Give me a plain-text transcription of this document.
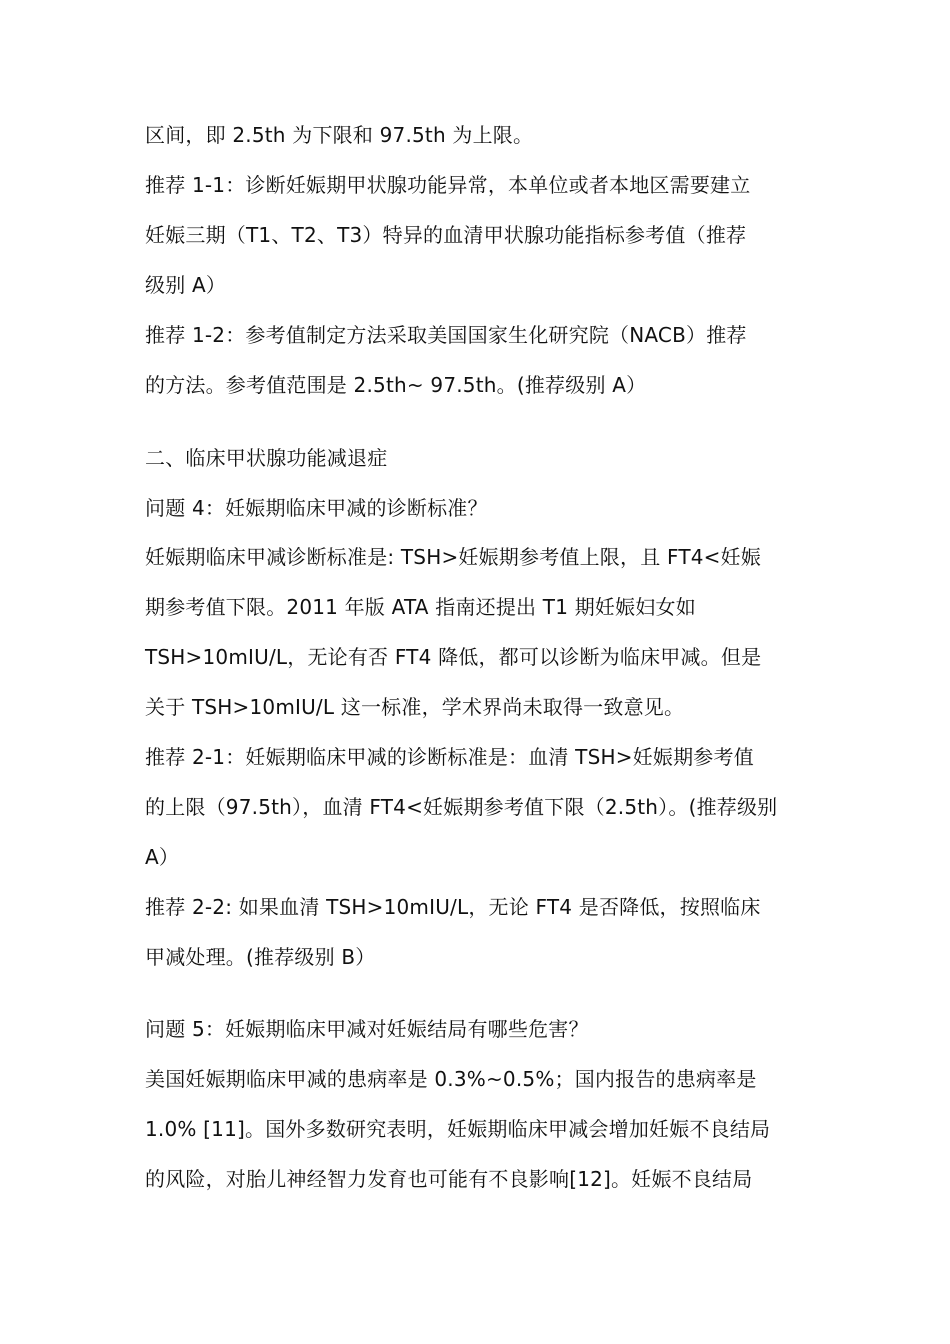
区间，即 2.5th 为下限和 97.5th 为上限。
推荐 1-1：诊断妊娠期甲状腺功能异常，本单位或者本地区需要建立
妊娠三期（T1、T2、T3）特异的血清甲状腺功能指标参考值（推荐
级别 A）
推荐 1-2：参考值制定方法采取美国国家生化研究院（NACB）推荐
的方法。参考值范围是 2.5th~ 97.5th。(推荐级别 A）
二、临床甲状腺功能减退症
问题 4：妊娠期临床甲减的诊断标准？
妊娠期临床甲减诊断标准是: TSH>妊娠期参考值上限，且 FT4<妊娠
期参考值下限。2011 年版 ATA 指南还提出 T1 期妊娠妇女如
TSH>10mIU/L，无论有否 FT4 降低，都可以诊断为临床甲减。但是
关于 TSH>10mIU/L 这一标准，学术界尚未取得一致意见。
推荐 2-1：妊娠期临床甲减的诊断标准是：血清 TSH>妊娠期参考值
的上限（97.5th），血清 FT4<妊娠期参考值下限（2.5th）。(推荐级别
A）
推荐 2-2: 如果血清 TSH>10mIU/L，无论 FT4 是否降低，按照临床
甲减处理。(推荐级别 B）
问题 5：妊娠期临床甲减对妊娠结局有哪些危害？
美国妊娠期临床甲减的患病率是 0.3%~0.5%；国内报告的患病率是
1.0% [11]。国外多数研究表明，妊娠期临床甲减会增加妊娠不良结局
的风险，对胎儿神经智力发育也可能有不良影响[12]。妊娠不良结局
